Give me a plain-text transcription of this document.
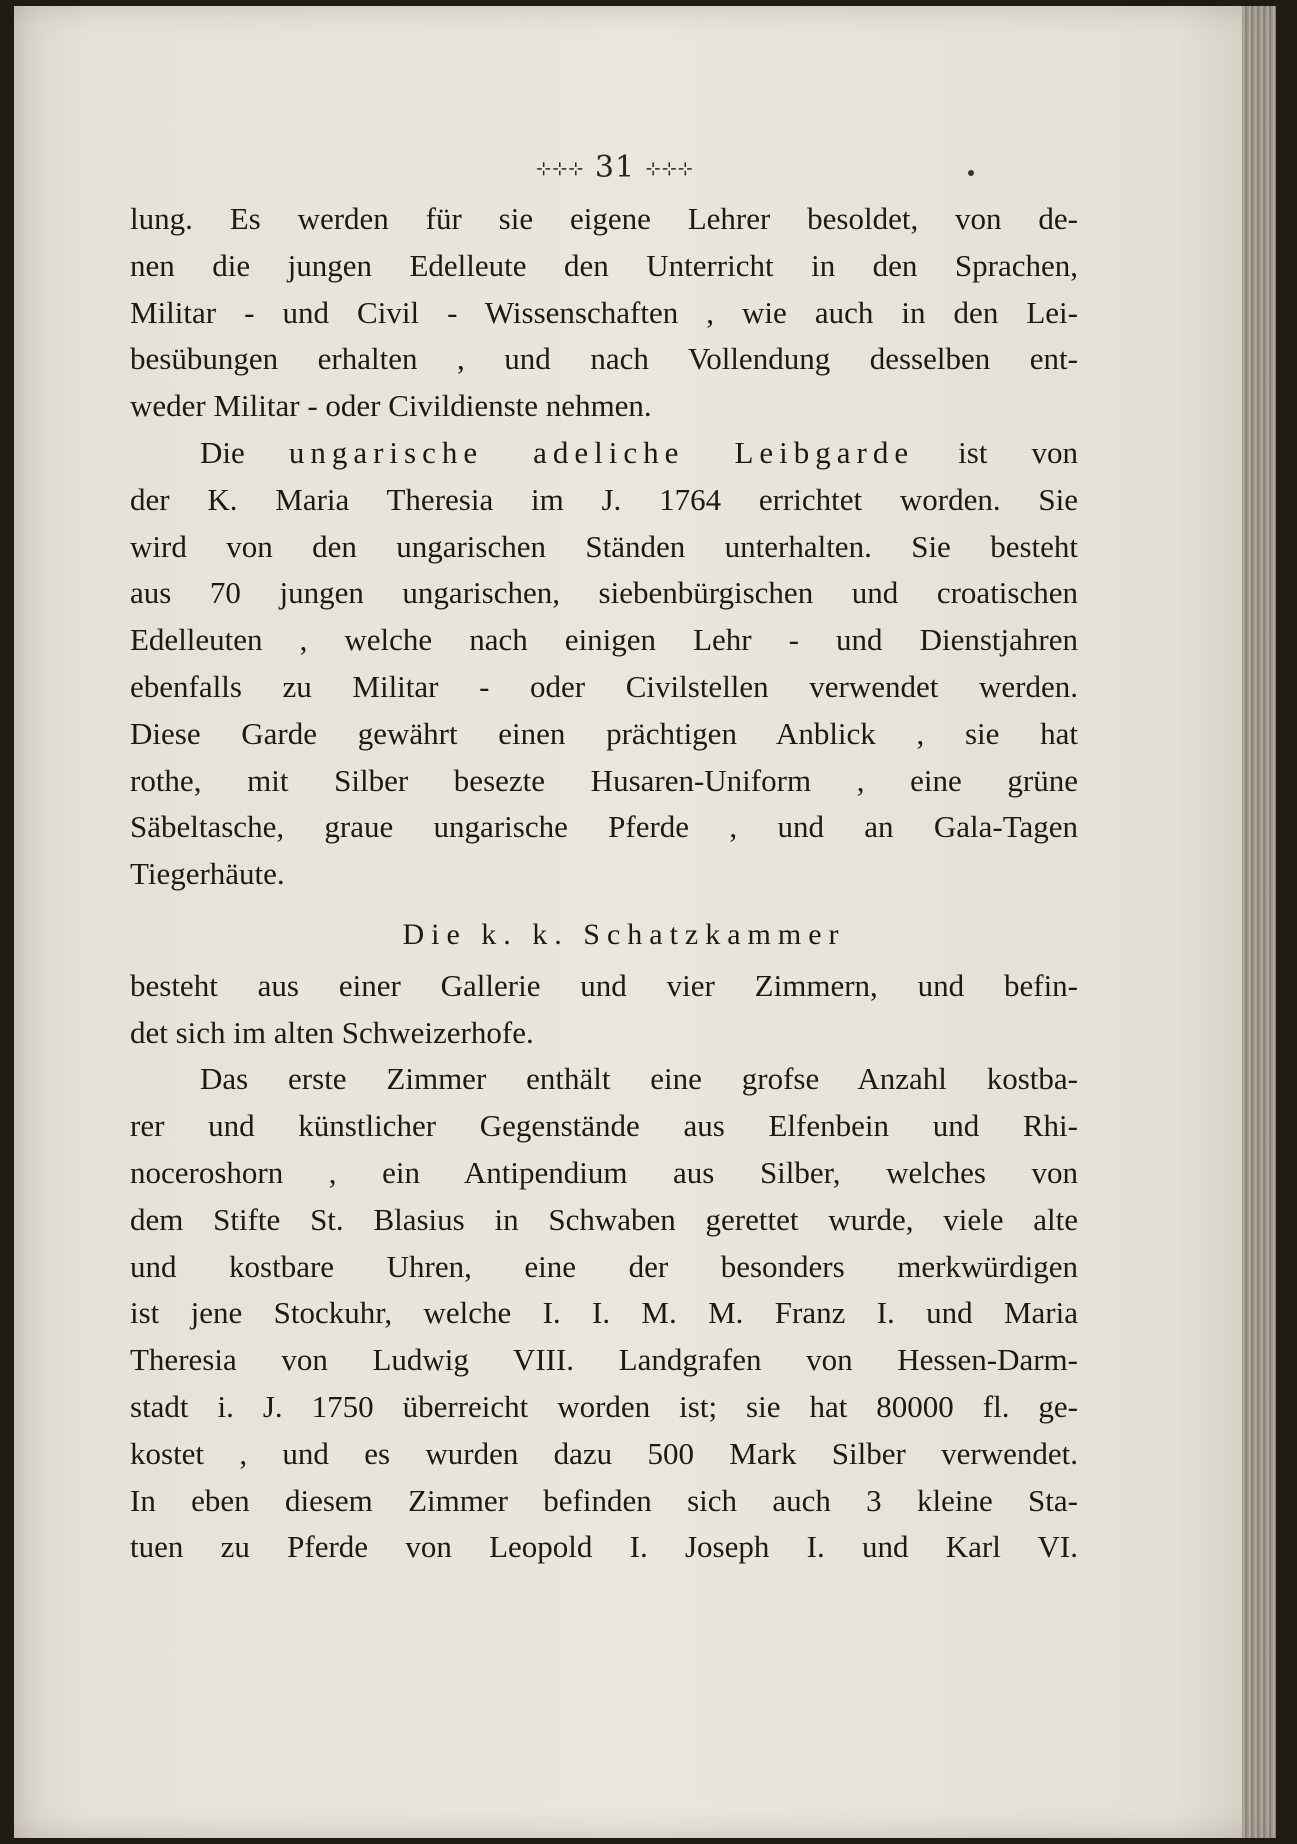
⊹⊹⊹ 31 ⊹⊹⊹
lung. Es werden für sie eigene Lehrer besoldet, von de-
nen die jungen Edelleute den Unterricht in den Sprachen,
Militar - und Civil - Wissenschaften , wie auch in den Lei-
besübungen erhalten , und nach Vollendung desselben ent-
weder Militar - oder Civildienste nehmen.
Die ungarische adeliche Leibgarde ist von
der K. Maria Theresia im J. 1764 errichtet worden. Sie
wird von den ungarischen Ständen unterhalten. Sie besteht
aus 70 jungen ungarischen, siebenbürgischen und croatischen
Edelleuten , welche nach einigen Lehr - und Dienstjahren
ebenfalls zu Militar - oder Civilstellen verwendet werden.
Diese Garde gewährt einen prächtigen Anblick , sie hat
rothe, mit Silber besezte Husaren-Uniform , eine grüne
Säbeltasche, graue ungarische Pferde , und an Gala-Tagen
Tiegerhäute.
Die k. k. Schatzkammer
besteht aus einer Gallerie und vier Zimmern, und befin-
det sich im alten Schweizerhofe.
Das erste Zimmer enthält eine grofse Anzahl kostba-
rer und künstlicher Gegenstände aus Elfenbein und Rhi-
noceroshorn , ein Antipendium aus Silber, welches von
dem Stifte St. Blasius in Schwaben gerettet wurde, viele alte
und kostbare Uhren, eine der besonders merkwürdigen
ist jene Stockuhr, welche I. I. M. M. Franz I. und Maria
Theresia von Ludwig VIII. Landgrafen von Hessen-Darm-
stadt i. J. 1750 überreicht worden ist; sie hat 80000 fl. ge-
kostet , und es wurden dazu 500 Mark Silber verwendet.
In eben diesem Zimmer befinden sich auch 3 kleine Sta-
tuen zu Pferde von Leopold I. Joseph I. und Karl VI.
